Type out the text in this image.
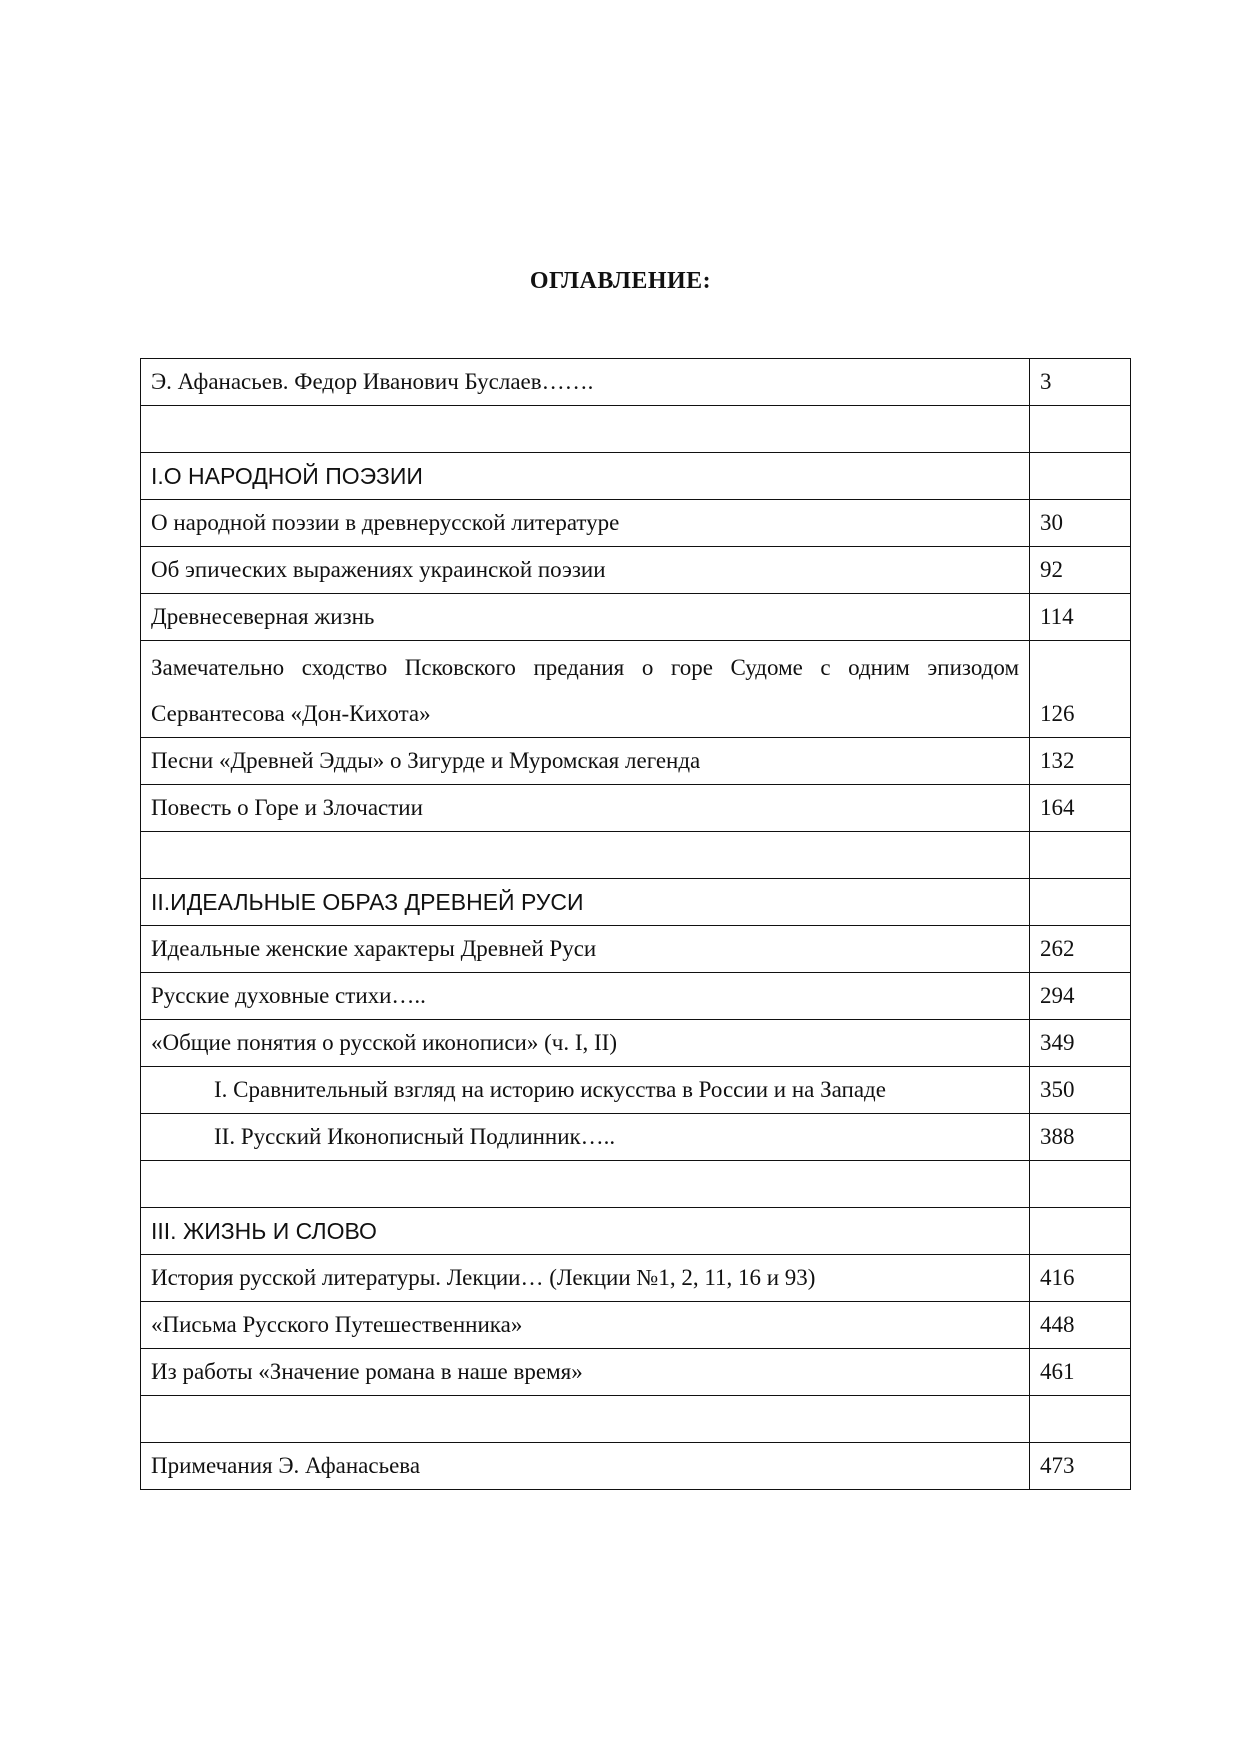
ОГЛАВЛЕНИЕ:
Э. Афанасьев. Федор Иванович Буслаев…….	3

I.О НАРОДНОЙ ПОЭЗИИ	
О народной поэзии в древнерусской литературе	30
Об эпических выражениях украинской поэзии	92
Древнесеверная жизнь	114
Замечательно сходство Псковского предания о горе Судоме с одним эпизодом Сервантесова «Дон-Кихота»	126
Песни «Древней Эдды» о Зигурде и Муромская легенда	132
Повесть о Горе и Злочастии	164

II.ИДЕАЛЬНЫЕ ОБРАЗ ДРЕВНЕЙ РУСИ	
Идеальные женские характеры Древней Руси	262
Русские духовные стихи…..	294
«Общие понятия о русской иконописи» (ч. I, II)	349
I. Сравнительный взгляд на историю искусства в России и на Западе	350
II. Русский Иконописный Подлинник…..	388

III. ЖИЗНЬ И СЛОВО	
История русской литературы. Лекции… (Лекции №1, 2, 11, 16 и 93)	416
«Письма Русского Путешественника»	448
Из работы «Значение романа в наше время»	461

Примечания Э. Афанасьева	473
